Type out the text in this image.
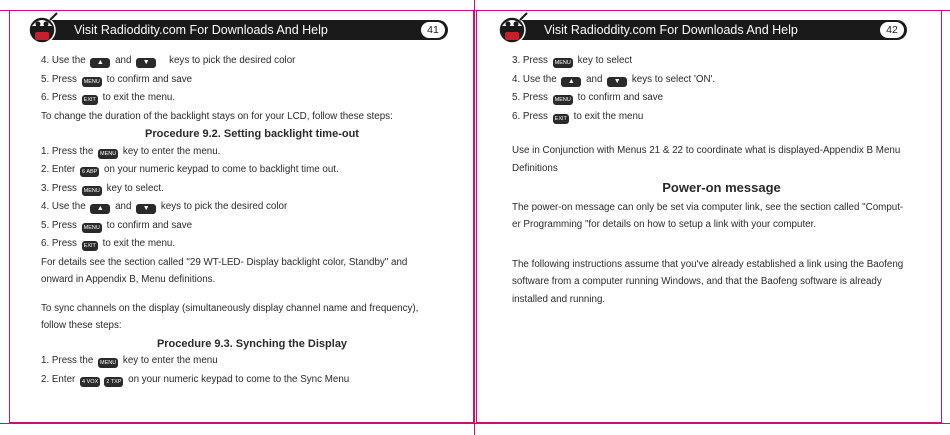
Visit Radioddity.com For Downloads And Help	41
4. Use the ▲ and ▼    keys to pick the desired color
5. Press MENU to confirm and save
6. Press EXIT to exit the menu.
To change the duration of the backlight stays on for your LCD, follow these steps:
Procedure 9.2. Setting backlight time-out
1. Press the MENU key to enter the menu.
2. Enter 6 ABP on your numeric keypad to come to backlight time out.
3. Press MENU key to select.
4. Use the ▲ and ▼ keys to pick the desired color
5. Press MENU to confirm and save
6. Press EXIT to exit the menu.
For details see the section called "29 WT-LED- Display backlight color, Standby" and
onward in Appendix B, Menu definitions.
To sync channels on the display (simultaneously display channel name and frequency),
follow these steps:
Procedure 9.3. Synching the Display
1. Press the MENU key to enter the menu
2. Enter 4 VOX 2 TXP on your numeric keypad to come to the Sync Menu
Visit Radioddity.com For Downloads And Help	42
3. Press MENU key to select
4. Use the ▲ and ▼ keys to select 'ON'.
5. Press MENU to confirm and save
6. Press EXIT to exit the menu
Use in Conjunction with Menus 21 & 22 to coordinate what is displayed-Appendix B Menu
Definitions
Power-on message
The power-on message can only be set via computer link, see the section called "Comput-
er Programming "for details on how to setup a link with your computer.
The following instructions assume that you've already established a link using the Baofeng
software from a computer running Windows, and that the Baofeng software is already
installed and running.
